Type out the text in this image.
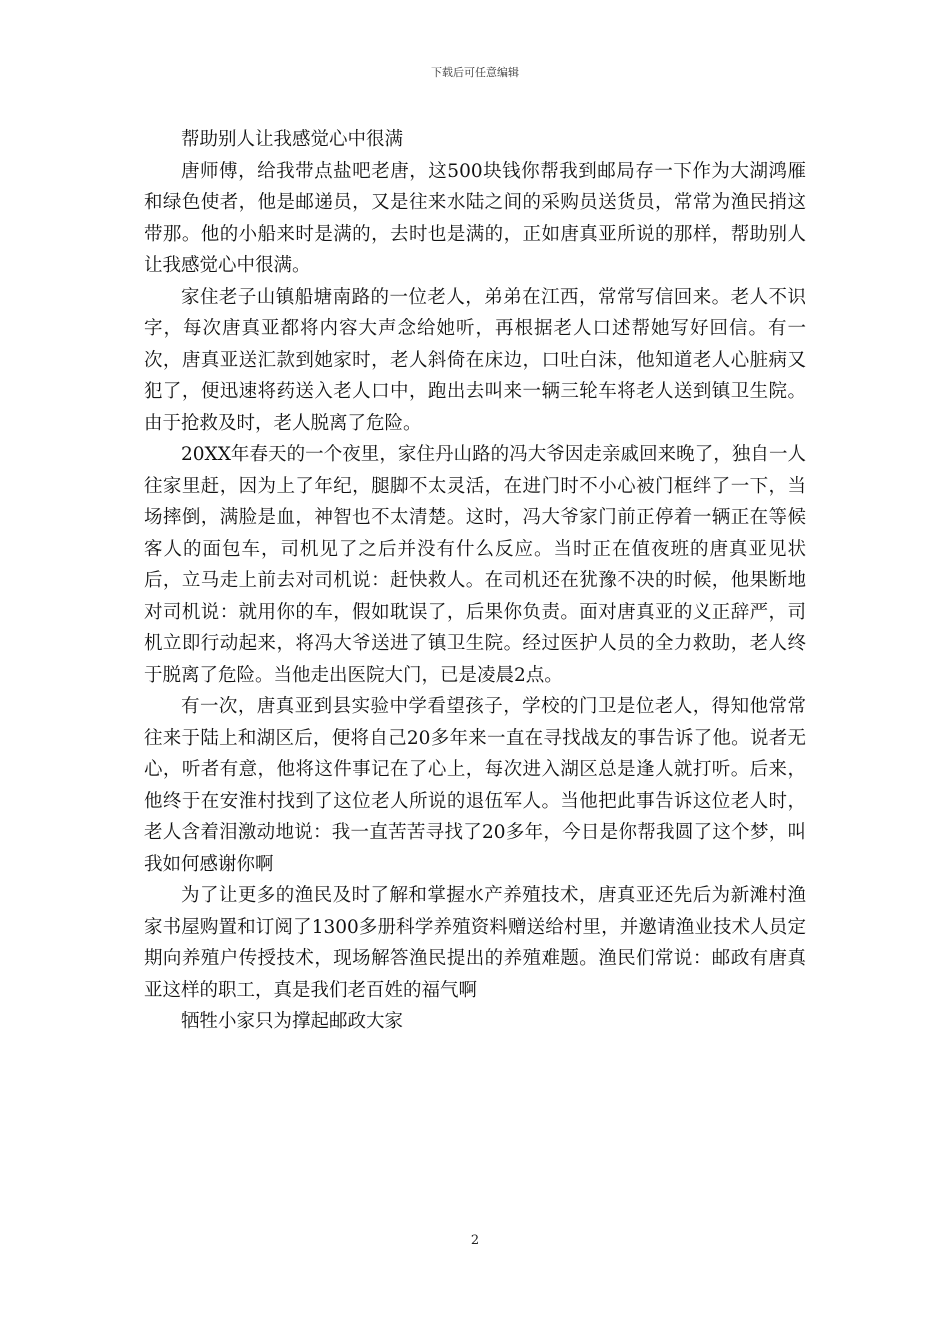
下载后可任意编辑

帮助别人让我感觉心中很满

唐师傅，给我带点盐吧老唐，这500块钱你帮我到邮局存一下作为大湖鸿雁和绿色使者，他是邮递员，又是往来水陆之间的采购员送货员，常常为渔民捎这带那。他的小船来时是满的，去时也是满的，正如唐真亚所说的那样，帮助别人让我感觉心中很满。

家住老子山镇船塘南路的一位老人，弟弟在江西，常常写信回来。老人不识字，每次唐真亚都将内容大声念给她听，再根据老人口述帮她写好回信。有一次，唐真亚送汇款到她家时，老人斜倚在床边，口吐白沫，他知道老人心脏病又犯了，便迅速将药送入老人口中，跑出去叫来一辆三轮车将老人送到镇卫生院。由于抢救及时，老人脱离了危险。

20XX年春天的一个夜里，家住丹山路的冯大爷因走亲戚回来晚了，独自一人往家里赶，因为上了年纪，腿脚不太灵活，在进门时不小心被门框绊了一下，当场摔倒，满脸是血，神智也不太清楚。这时，冯大爷家门前正停着一辆正在等候客人的面包车，司机见了之后并没有什么反应。当时正在值夜班的唐真亚见状后，立马走上前去对司机说：赶快救人。在司机还在犹豫不决的时候，他果断地对司机说：就用你的车，假如耽误了，后果你负责。面对唐真亚的义正辞严，司机立即行动起来，将冯大爷送进了镇卫生院。经过医护人员的全力救助，老人终于脱离了危险。当他走出医院大门，已是凌晨2点。

有一次，唐真亚到县实验中学看望孩子，学校的门卫是位老人，得知他常常往来于陆上和湖区后，便将自己20多年来一直在寻找战友的事告诉了他。说者无心，听者有意，他将这件事记在了心上，每次进入湖区总是逢人就打听。后来，他终于在安淮村找到了这位老人所说的退伍军人。当他把此事告诉这位老人时，老人含着泪激动地说：我一直苦苦寻找了20多年，今日是你帮我圆了这个梦，叫我如何感谢你啊

为了让更多的渔民及时了解和掌握水产养殖技术，唐真亚还先后为新滩村渔家书屋购置和订阅了1300多册科学养殖资料赠送给村里，并邀请渔业技术人员定期向养殖户传授技术，现场解答渔民提出的养殖难题。渔民们常说：邮政有唐真亚这样的职工，真是我们老百姓的福气啊

牺牲小家只为撑起邮政大家

2
